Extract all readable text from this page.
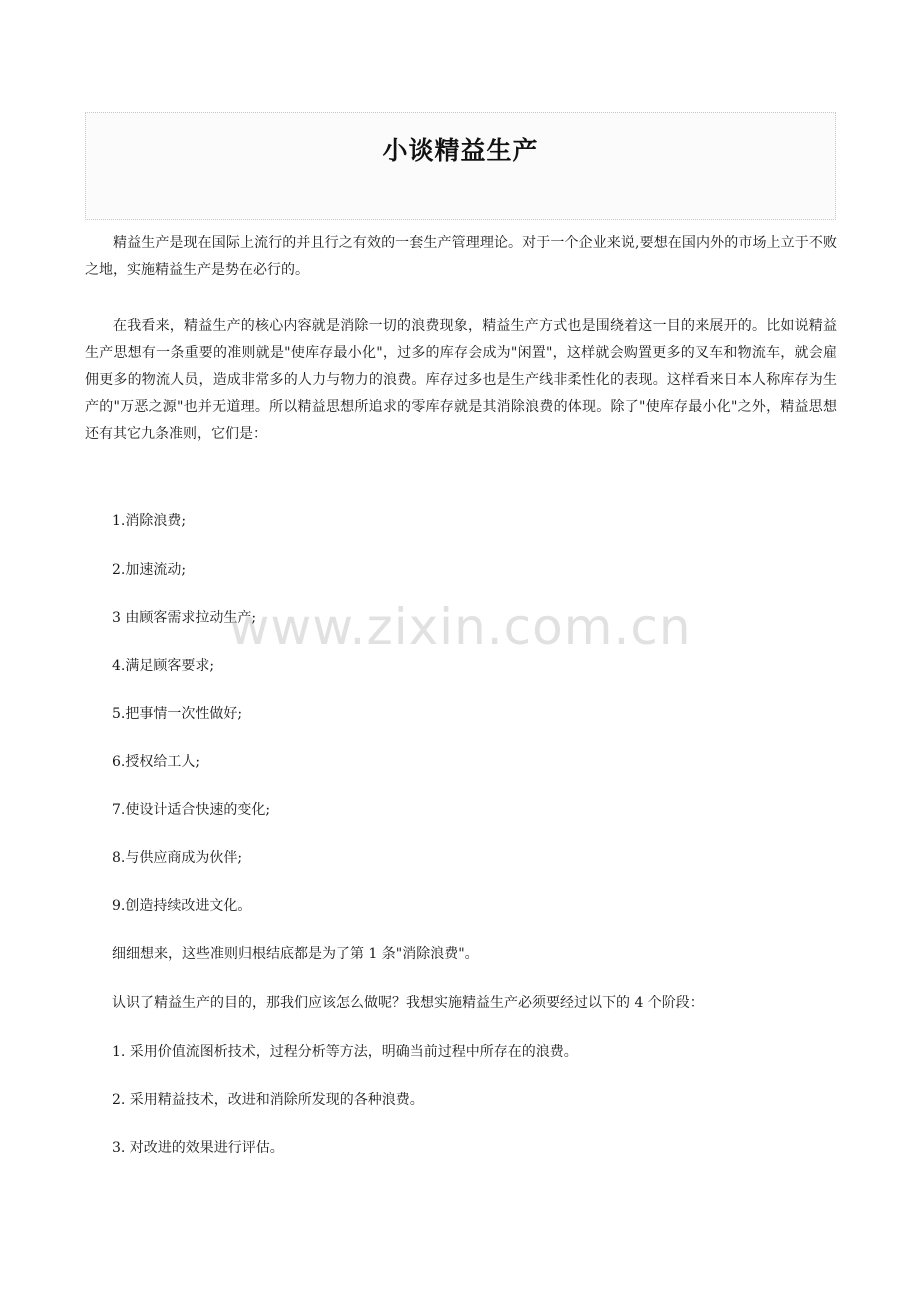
小谈精益生产

精益生产是现在国际上流行的并且行之有效的一套生产管理理论。对于一个企业来说,要想在国内外的市场上立于不败之地，实施精益生产是势在必行的。

在我看来，精益生产的核心内容就是消除一切的浪费现象，精益生产方式也是围绕着这一目的来展开的。比如说精益生产思想有一条重要的准则就是"使库存最小化"，过多的库存会成为"闲置"，这样就会购置更多的叉车和物流车，就会雇佣更多的物流人员，造成非常多的人力与物力的浪费。库存过多也是生产线非柔性化的表现。这样看来日本人称库存为生产的"万恶之源"也并无道理。所以精益思想所追求的零库存就是其消除浪费的体现。除了"使库存最小化"之外，精益思想还有其它九条准则，它们是：

1.消除浪费;

2.加速流动;

3 由顾客需求拉动生产;

4.满足顾客要求;

5.把事情一次性做好;

6.授权给工人;

7.使设计适合快速的变化;

8.与供应商成为伙伴;

9.创造持续改进文化。

细细想来，这些准则归根结底都是为了第 1 条"消除浪费"。

认识了精益生产的目的，那我们应该怎么做呢？我想实施精益生产必须要经过以下的 4 个阶段：

1. 采用价值流图析技术，过程分析等方法，明确当前过程中所存在的浪费。

2. 采用精益技术，改进和消除所发现的各种浪费。

3. 对改进的效果进行评估。

www.zixin.com.cn
